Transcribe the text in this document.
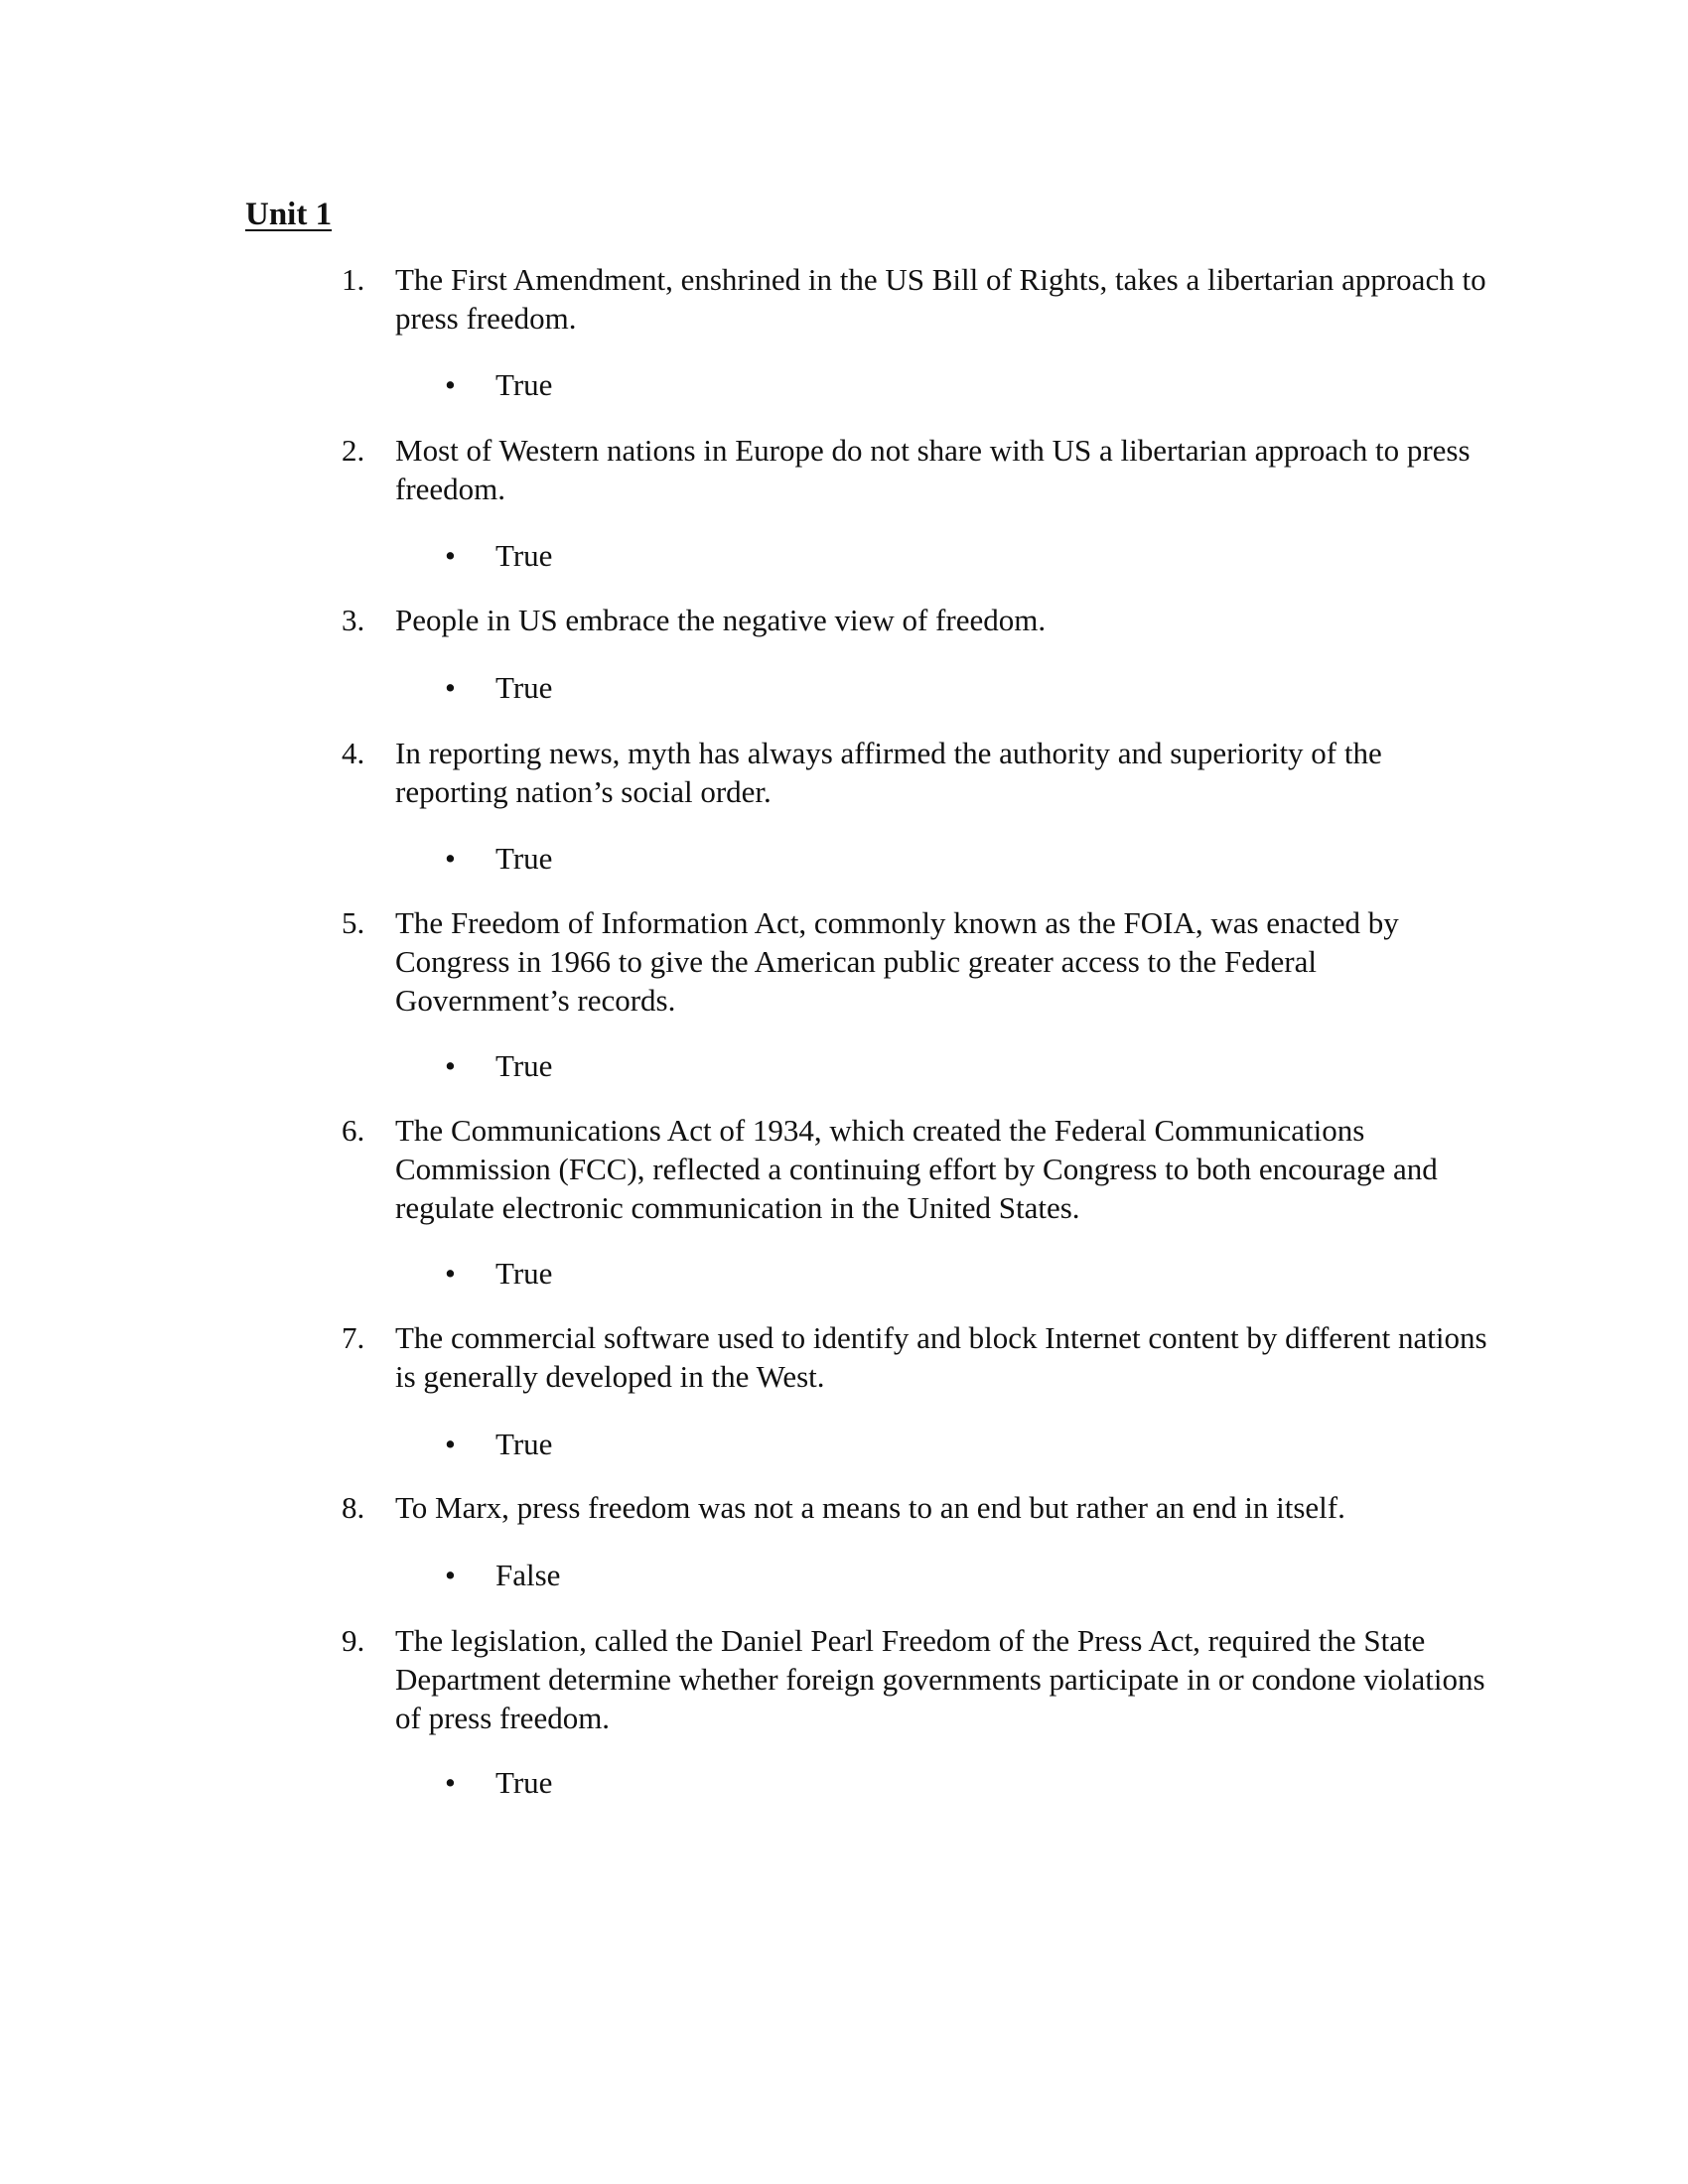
Unit 1
1. The First Amendment, enshrined in the US Bill of Rights, takes a libertarian approach to press freedom.
• True
2. Most of Western nations in Europe do not share with US a libertarian approach to press freedom.
• True
3. People in US embrace the negative view of freedom.
• True
4. In reporting news, myth has always affirmed the authority and superiority of the reporting nation’s social order.
• True
5. The Freedom of Information Act, commonly known as the FOIA, was enacted by Congress in 1966 to give the American public greater access to the Federal Government’s records.
• True
6. The Communications Act of 1934, which created the Federal Communications Commission (FCC), reflected a continuing effort by Congress to both encourage and regulate electronic communication in the United States.
• True
7. The commercial software used to identify and block Internet content by different nations is generally developed in the West.
• True
8. To Marx, press freedom was not a means to an end but rather an end in itself.
• False
9. The legislation, called the Daniel Pearl Freedom of the Press Act, required the State Department determine whether foreign governments participate in or condone violations of press freedom.
• True
